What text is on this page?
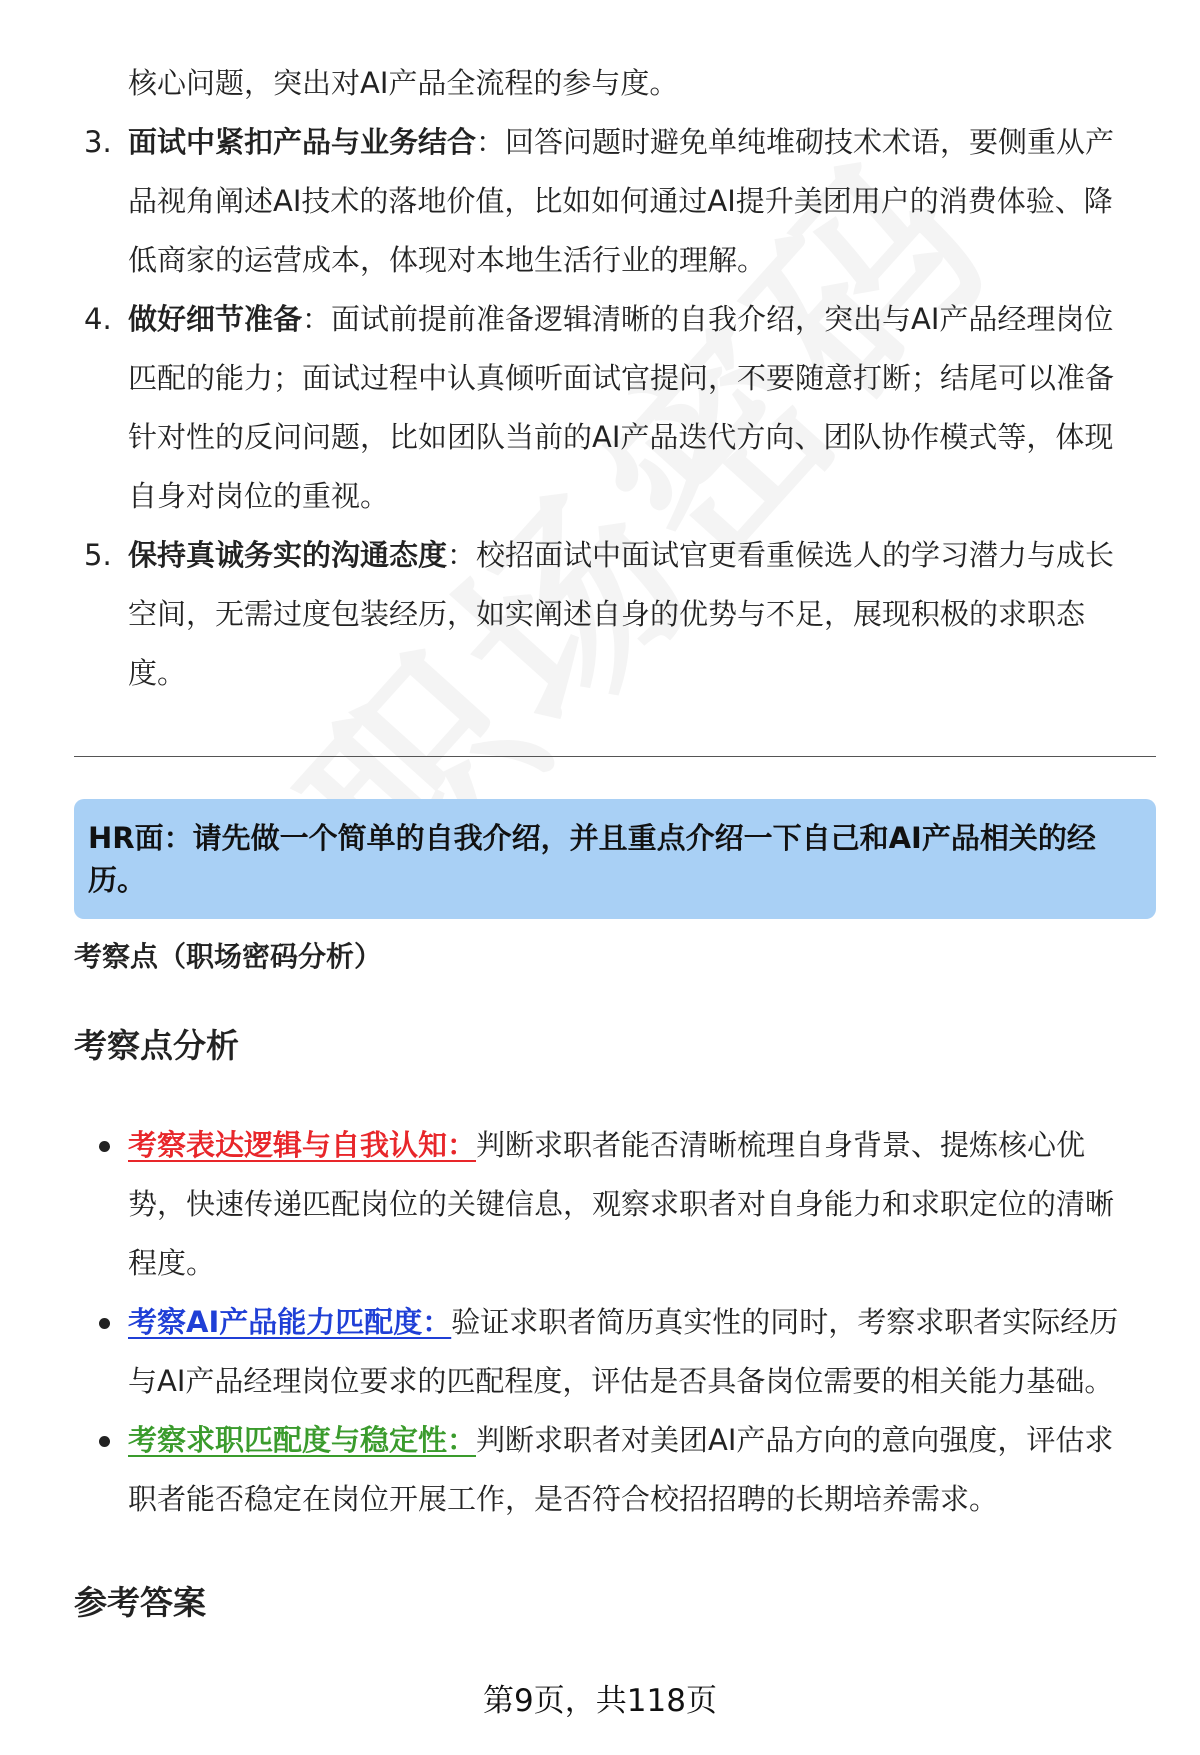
核心问题，突出对AI产品全流程的参与度。

3. 面试中紧扣产品与业务结合：回答问题时避免单纯堆砌技术术语，要侧重从产品视角阐述AI技术的落地价值，比如如何通过AI提升美团用户的消费体验、降低商家的运营成本，体现对本地生活行业的理解。
4. 做好细节准备：面试前提前准备逻辑清晰的自我介绍，突出与AI产品经理岗位匹配的能力；面试过程中认真倾听面试官提问，不要随意打断；结尾可以准备针对性的反问问题，比如团队当前的AI产品迭代方向、团队协作模式等，体现自身对岗位的重视。
5. 保持真诚务实的沟通态度：校招面试中面试官更看重候选人的学习潜力与成长空间，无需过度包装经历，如实阐述自身的优势与不足，展现积极的求职态度。
HR面：请先做一个简单的自我介绍，并且重点介绍一下自己和AI产品相关的经历。

考察点（职场密码分析）

考察点分析
考察表达逻辑与自我认知：判断求职者能否清晰梳理自身背景、提炼核心优势，快速传递匹配岗位的关键信息，观察求职者对自身能力和求职定位的清晰程度。
考察AI产品能力匹配度：验证求职者简历真实性的同时，考察求职者实际经历与AI产品经理岗位要求的匹配程度，评估是否具备岗位需要的相关能力基础。
考察求职匹配度与稳定性：判断求职者对美团AI产品方向的意向强度，评估求职者能否稳定在岗位开展工作，是否符合校招招聘的长期培养需求。
参考答案

第9页，共118页
